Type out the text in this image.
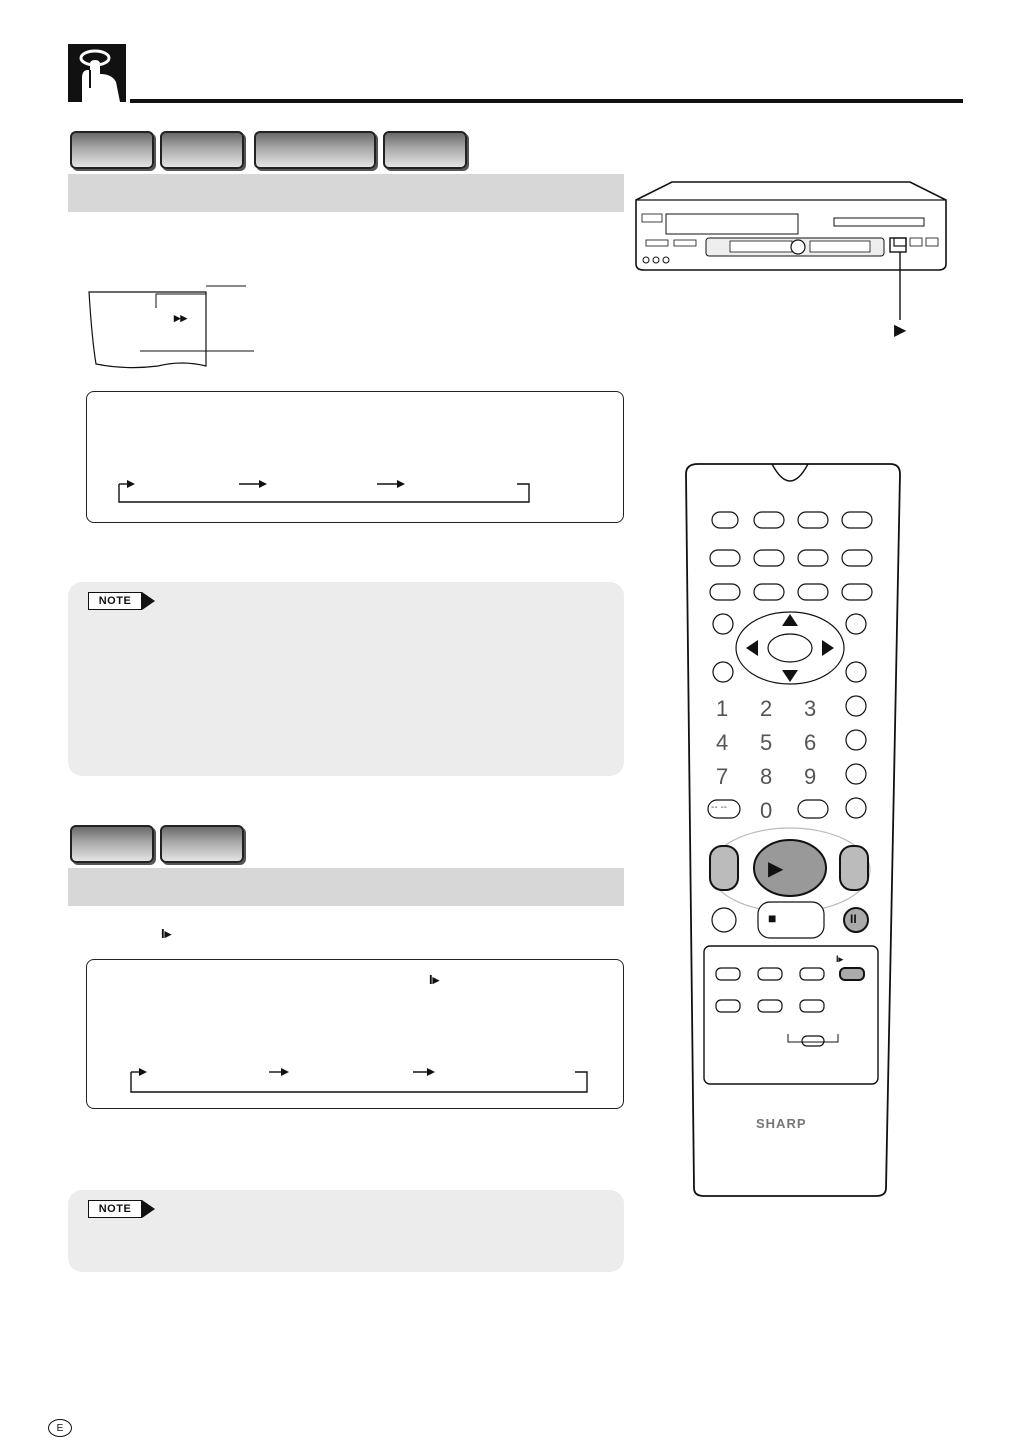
▸▸
NOTE
I▸
I▸
NOTE
▶
1 2 3
4 5 6
7 8 9
0
-- --
▶
■	II
I▸
SHARP
E
